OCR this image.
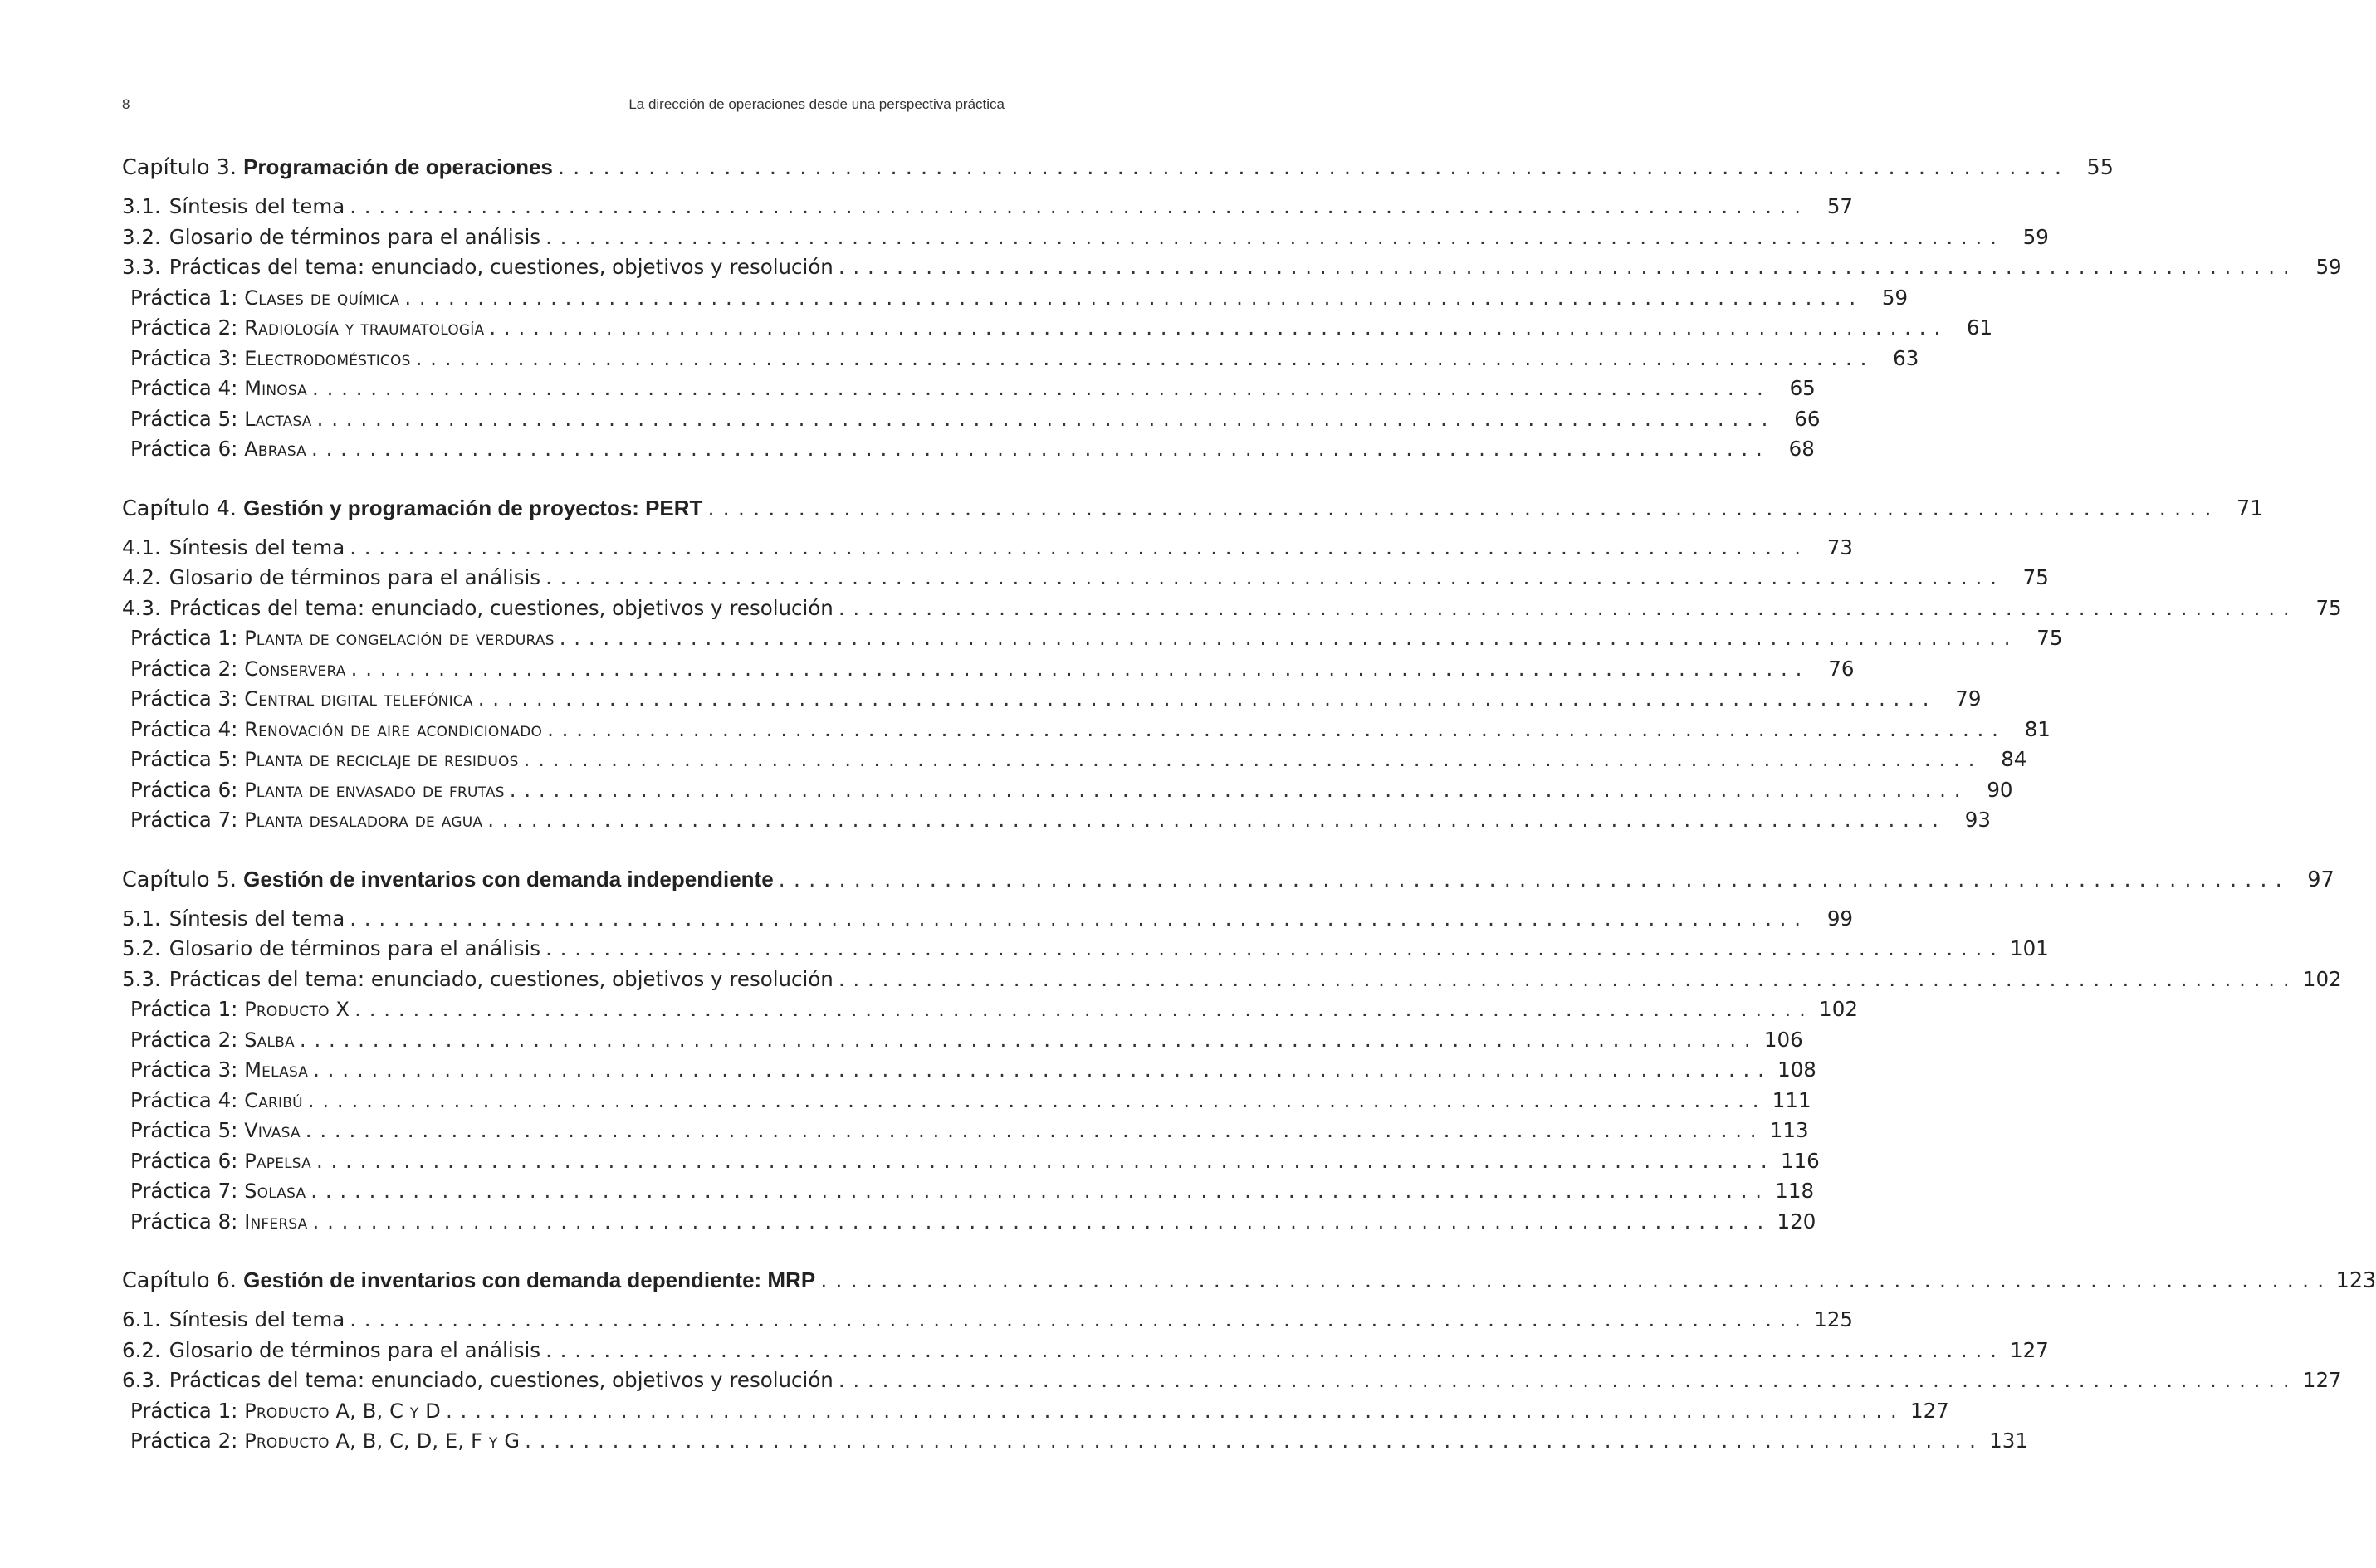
8	La dirección de operaciones desde una perspectiva práctica
Capítulo 3. Programación de operaciones . . .	55
3.1. Síntesis del tema . . .	57
3.2. Glosario de términos para el análisis . . .	59
3.3. Prácticas del tema: enunciado, cuestiones, objetivos y resolución . . .	59
Práctica 1: Clases de química . . .	59
Práctica 2: Radiología y traumatología . . .	61
Práctica 3: Electrodomésticos . . .	63
Práctica 4: Minosa . . .	65
Práctica 5: Lactasa . . .	66
Práctica 6: Abrasa . . .	68
Capítulo 4. Gestión y programación de proyectos: PERT . . .	71
4.1. Síntesis del tema . . .	73
4.2. Glosario de términos para el análisis . . .	75
4.3. Prácticas del tema: enunciado, cuestiones, objetivos y resolución . . .	75
Práctica 1: Planta de congelación de verduras . . .	75
Práctica 2: Conservera . . .	76
Práctica 3: Central digital telefónica . . .	79
Práctica 4: Renovación de aire acondicionado . . .	81
Práctica 5: Planta de reciclaje de residuos . . .	84
Práctica 6: Planta de envasado de frutas . . .	90
Práctica 7: Planta desaladora de agua . . .	93
Capítulo 5. Gestión de inventarios con demanda independiente . . .	97
5.1. Síntesis del tema . . .	99
5.2. Glosario de términos para el análisis . . .	101
5.3. Prácticas del tema: enunciado, cuestiones, objetivos y resolución . . .	102
Práctica 1: Producto X . . .	102
Práctica 2: Salba . . .	106
Práctica 3: Melasa . . .	108
Práctica 4: Caribú . . .	111
Práctica 5: Vivasa . . .	113
Práctica 6: Papelsa . . .	116
Práctica 7: Solasa . . .	118
Práctica 8: Infersa . . .	120
Capítulo 6. Gestión de inventarios con demanda dependiente: MRP . . .	123
6.1. Síntesis del tema . . .	125
6.2. Glosario de términos para el análisis . . .	127
6.3. Prácticas del tema: enunciado, cuestiones, objetivos y resolución . . .	127
Práctica 1: Producto A, B, C y D . . .	127
Práctica 2: Producto A, B, C, D, E, F y G . . .	131
